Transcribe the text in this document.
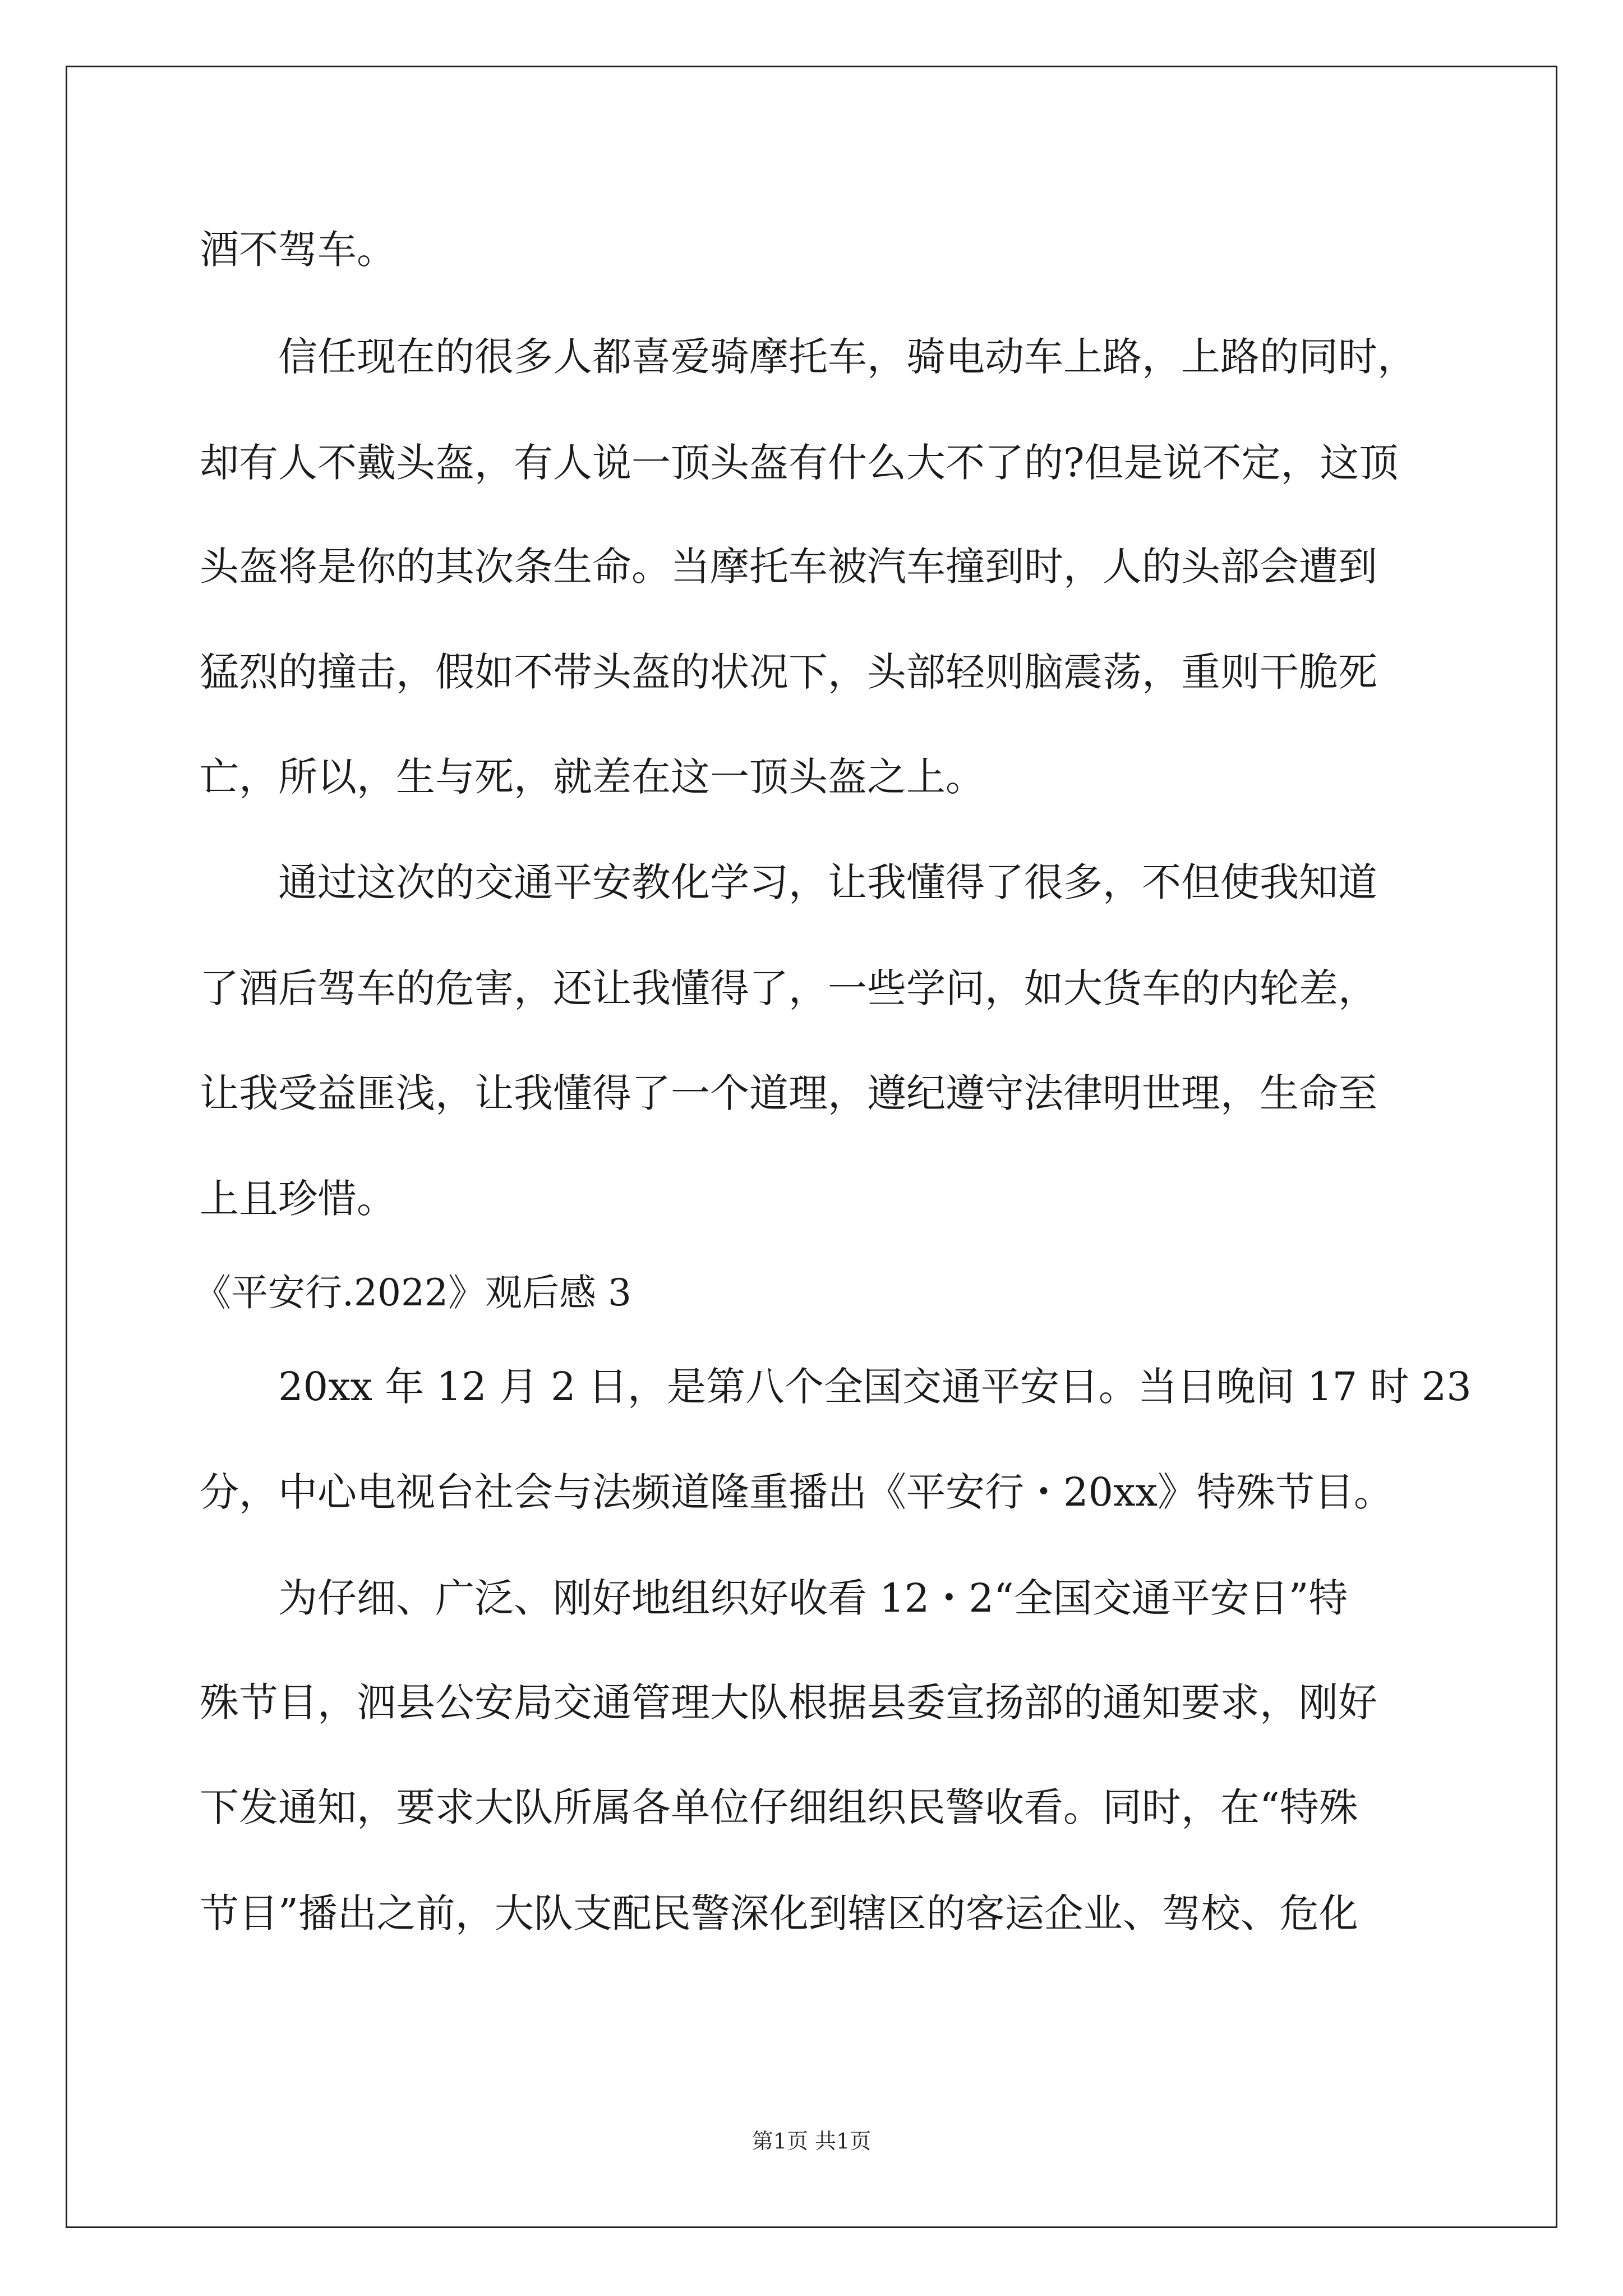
酒不驾车。
信任现在的很多人都喜爱骑摩托车，骑电动车上路，上路的同时，
却有人不戴头盔，有人说一顶头盔有什么大不了的?但是说不定，这顶
头盔将是你的其次条生命。当摩托车被汽车撞到时，人的头部会遭到
猛烈的撞击，假如不带头盔的状况下，头部轻则脑震荡，重则干脆死
亡，所以，生与死，就差在这一顶头盔之上。
通过这次的交通平安教化学习，让我懂得了很多，不但使我知道
了酒后驾车的危害，还让我懂得了，一些学问，如大货车的内轮差，
让我受益匪浅，让我懂得了一个道理，遵纪遵守法律明世理，生命至
上且珍惜。
《平安行.2022》观后感 3
20xx 年 12 月 2 日，是第八个全国交通平安日。当日晚间 17 时 23
分，中心电视台社会与法频道隆重播出《平安行・20xx》特殊节目。
为仔细、广泛、刚好地组织好收看 12・2“全国交通平安日”特
殊节目，泗县公安局交通管理大队根据县委宣扬部的通知要求，刚好
下发通知，要求大队所属各单位仔细组织民警收看。同时，在“特殊
节目”播出之前，大队支配民警深化到辖区的客运企业、驾校、危化
第1页 共1页
